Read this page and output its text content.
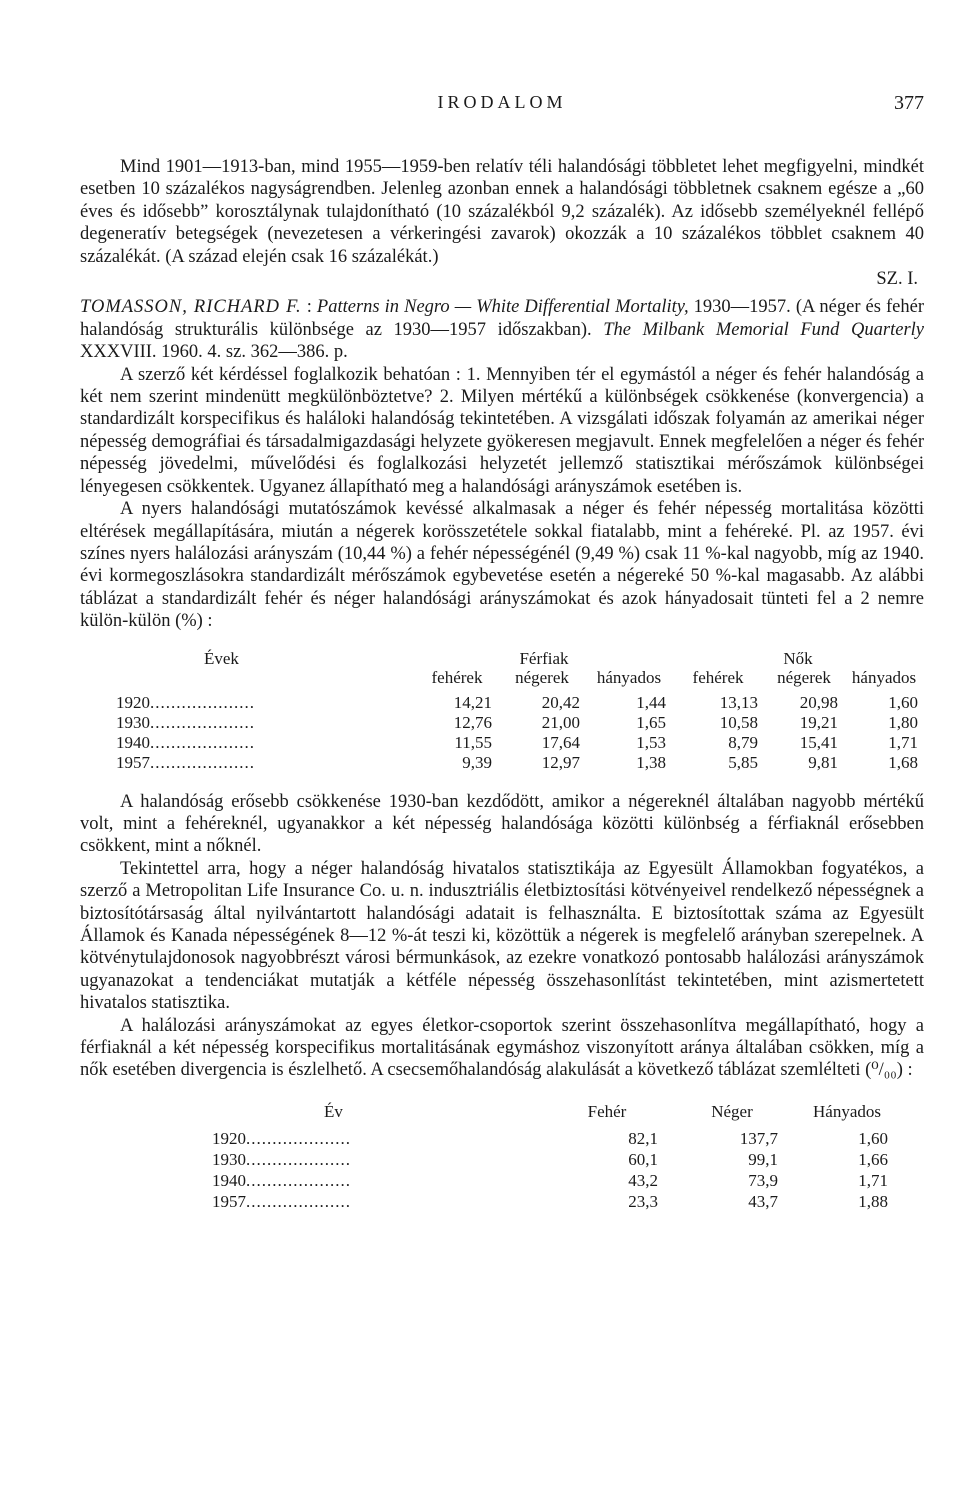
IRODALOM	377

Mind 1901—1913-ban, mind 1955—1959-ben relatív téli halandósági többletet lehet megfigyelni, mindkét esetben 10 százalékos nagyságrendben. Jelenleg azonban ennek a halandósági többletnek csaknem egésze a „60 éves és idősebb” korosztálynak tulajdonítható (10 százalékból 9,2 százalék). Az idősebb személyeknél fellépő degeneratív betegségek (nevezetesen a vérkeringési zavarok) okozzák a 10 százalékos többlet csaknem 40 százalékát. (A század elején csak 16 százalékát.)

SZ. I.

TOMASSON, RICHARD F. : Patterns in Negro — White Differential Mortality, 1930—1957. (A néger és fehér halandóság strukturális különbsége az 1930—1957 időszakban). The Milbank Memorial Fund Quarterly XXXVIII. 1960. 4. sz. 362—386. p.

A szerző két kérdéssel foglalkozik behatóan : 1. Mennyiben tér el egymástól a néger és fehér halandóság a két nem szerint mindenütt megkülönböztetve? 2. Milyen mértékű a különbségek csökkenése (konvergencia) a standardizált korspecifikus és haláloki halandóság tekintetében. A vizsgálati időszak folyamán az amerikai néger népesség demográfiai és társadalmigazdasági helyzete gyökeresen megjavult. Ennek megfelelően a néger és fehér népesség jövedelmi, művelődési és foglalkozási helyzetét jellemző statisztikai mérőszámok különbségei lényegesen csökkentek. Ugyanez állapítható meg a halandósági arányszámok esetében is.

A nyers halandósági mutatószámok kevéssé alkalmasak a néger és fehér népesség mortalitása közötti eltérések megállapítására, miután a négerek korösszetétele sokkal fiatalabb, mint a fehéreké. Pl. az 1957. évi színes nyers halálozási arányszám (10,44 %) a fehér népességénél (9,49 %) csak 11 %-kal nagyobb, míg az 1940. évi kormegoszlásokra standardizált mérőszámok egybevetése esetén a négereké 50 %-kal magasabb. Az alábbi táblázat a standardizált fehér és néger halandósági arányszámokat és azok hányadosait tünteti fel a 2 nemre külön-külön (%) :

Évek	Férfiak			Nők		
	fehérek	négerek	hányados	fehérek	négerek	hányados

1920....................	14,21	20,42	1,44	13,13	20,98	1,60
1930....................	12,76	21,00	1,65	10,58	19,21	1,80
1940....................	11,55	17,64	1,53	8,79	15,41	1,71
1957....................	9,39	12,97	1,38	5,85	9,81	1,68

A halandóság erősebb csökkenése 1930-ban kezdődött, amikor a négereknél általában nagyobb mértékű volt, mint a fehéreknél, ugyanakkor a két népesség halandósága közötti különbség a férfiaknál erősebben csökkent, mint a nőknél.

Tekintettel arra, hogy a néger halandóság hivatalos statisztikája az Egyesült Államokban fogyatékos, a szerző a Metropolitan Life Insurance Co. u. n. indusztriális életbiztosítási kötvényeivel rendelkező népességnek a biztosítótársaság által nyilvántartott halandósági adatait is felhasználta. E biztosítottak száma az Egyesült Államok és Kanada népességének 8—12 %-át teszi ki, közöttük a négerek is megfelelő arányban szerepelnek. A kötvénytulajdonosok nagyobbrészt városi bérmunkások, az ezekre vonatkozó pontosabb halálozási arányszámok ugyanazokat a tendenciákat mutatják a kétféle népesség összehasonlítást tekintetében, mint azismertetett hivatalos statisztika.

A halálozási arányszámokat az egyes életkor-csoportok szerint összehasonlítva megállapítható, hogy a férfiaknál a két népesség korspecifikus mortalitásának egymáshoz viszonyított aránya általában csökken, míg a nők esetében divergencia is észlelhető. A csecsemőhalandóság alakulását a következő táblázat szemlélteti (⁰/₀₀) :

Év	Fehér	Néger	Hányados
1920....................	82,1	137,7	1,60
1930....................	60,1	99,1	1,66
1940....................	43,2	73,9	1,71
1957....................	23,3	43,7	1,88
